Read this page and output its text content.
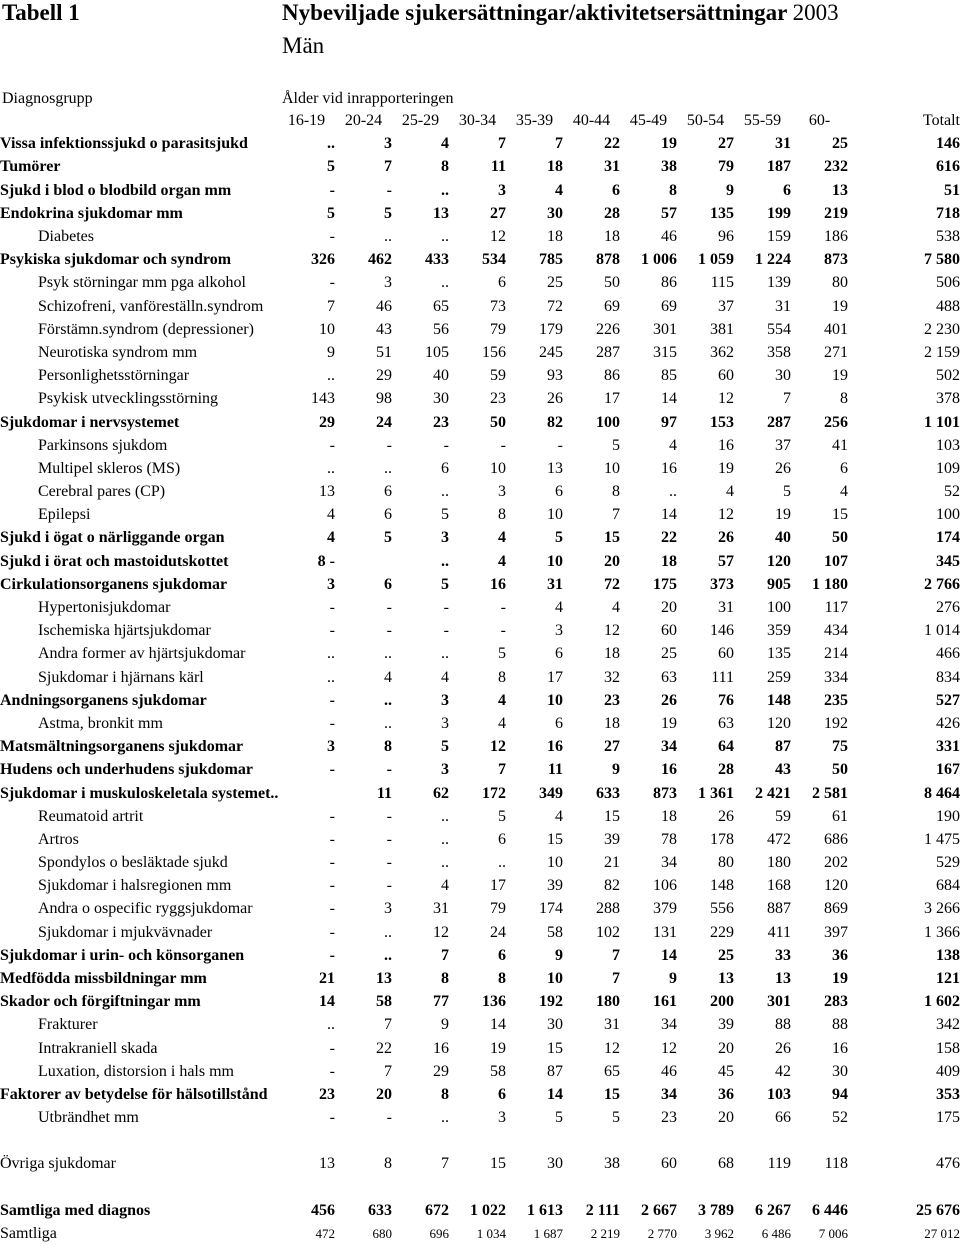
Tabell 1	Nybeviljade sjukersättningar/aktivitetsersättningar 2003
Män
Diagnosgrupp	Ålder vid inrapporteringen
	16-19	20-24	25-29	30-34	35-39	40-44	45-49	50-54	55-59	60-	Totalt
Vissa infektionssjukd o parasitsjukd	..	3	4	7	7	22	19	27	31	25	146
Tumörer	5	7	8	11	18	31	38	79	187	232	616
Sjukd i blod o blodbild organ mm	-	-	..	3	4	6	8	9	6	13	51
Endokrina sjukdomar mm	5	5	13	27	30	28	57	135	199	219	718
Diabetes	-	..	..	12	18	18	46	96	159	186	538
Psykiska sjukdomar och syndrom	326	462	433	534	785	878	1 006	1 059	1 224	873	7 580
Psyk störningar mm pga alkohol	-	3	..	6	25	50	86	115	139	80	506
Schizofreni, vanföreställn.syndrom	7	46	65	73	72	69	69	37	31	19	488
Förstämn.syndrom (depressioner)	10	43	56	79	179	226	301	381	554	401	2 230
Neurotiska syndrom mm	9	51	105	156	245	287	315	362	358	271	2 159
Personlighetsstörningar	..	29	40	59	93	86	85	60	30	19	502
Psykisk utvecklingsstörning	143	98	30	23	26	17	14	12	7	8	378
Sjukdomar i nervsystemet	29	24	23	50	82	100	97	153	287	256	1 101
Parkinsons sjukdom	-	-	-	-	-	5	4	16	37	41	103
Multipel skleros (MS)	..	..	6	10	13	10	16	19	26	6	109
Cerebral pares (CP)	13	6	..	3	6	8	..	4	5	4	52
Epilepsi	4	6	5	8	10	7	14	12	19	15	100
Sjukd i ögat o närliggande organ	4	5	3	4	5	15	22	26	40	50	174
Sjukd i örat och mastoidutskottet	8 -		..	4	10	20	18	57	120	107	345
Cirkulationsorganens sjukdomar	3	6	5	16	31	72	175	373	905	1 180	2 766
Hypertonisjukdomar	-	-	-	-	4	4	20	31	100	117	276
Ischemiska hjärtsjukdomar	-	-	-	-	3	12	60	146	359	434	1 014
Andra former av hjärtsjukdomar	..	..	..	5	6	18	25	60	135	214	466
Sjukdomar i hjärnans kärl	..	4	4	8	17	32	63	111	259	334	834
Andningsorganens sjukdomar	-	..	3	4	10	23	26	76	148	235	527
Astma, bronkit mm	-	..	3	4	6	18	19	63	120	192	426
Matsmältningsorganens sjukdomar	3	8	5	12	16	27	34	64	87	75	331
Hudens och underhudens sjukdomar	-	-	3	7	11	9	16	28	43	50	167
Sjukdomar i muskuloskeletala systemet..		11	62	172	349	633	873	1 361	2 421	2 581	8 464
Reumatoid artrit	-	-	..	5	4	15	18	26	59	61	190
Artros	-	-	..	6	15	39	78	178	472	686	1 475
Spondylos o besläktade sjukd	-	-	..	..	10	21	34	80	180	202	529
Sjukdomar i halsregionen mm	-	-	4	17	39	82	106	148	168	120	684
Andra o ospecific ryggsjukdomar	-	3	31	79	174	288	379	556	887	869	3 266
Sjukdomar i mjukvävnader	-	..	12	24	58	102	131	229	411	397	1 366
Sjukdomar i urin- och könsorganen	-	..	7	6	9	7	14	25	33	36	138
Medfödda missbildningar mm	21	13	8	8	10	7	9	13	13	19	121
Skador och förgiftningar mm	14	58	77	136	192	180	161	200	301	283	1 602
Frakturer	..	7	9	14	30	31	34	39	88	88	342
Intrakraniell skada	-	22	16	19	15	12	12	20	26	16	158
Luxation, distorsion i hals mm	-	7	29	58	87	65	46	45	42	30	409
Faktorer av betydelse för hälsotillstånd	23	20	8	6	14	15	34	36	103	94	353
Utbrändhet mm	-	-	..	3	5	5	23	20	66	52	175

Övriga sjukdomar	13	8	7	15	30	38	60	68	119	118	476

Samtliga med diagnos	456	633	672	1 022	1 613	2 111	2 667	3 789	6 267	6 446	25 676
Samtliga	472	680	696	1 034	1 687	2 219	2 770	3 962	6 486	7 006	27 012
